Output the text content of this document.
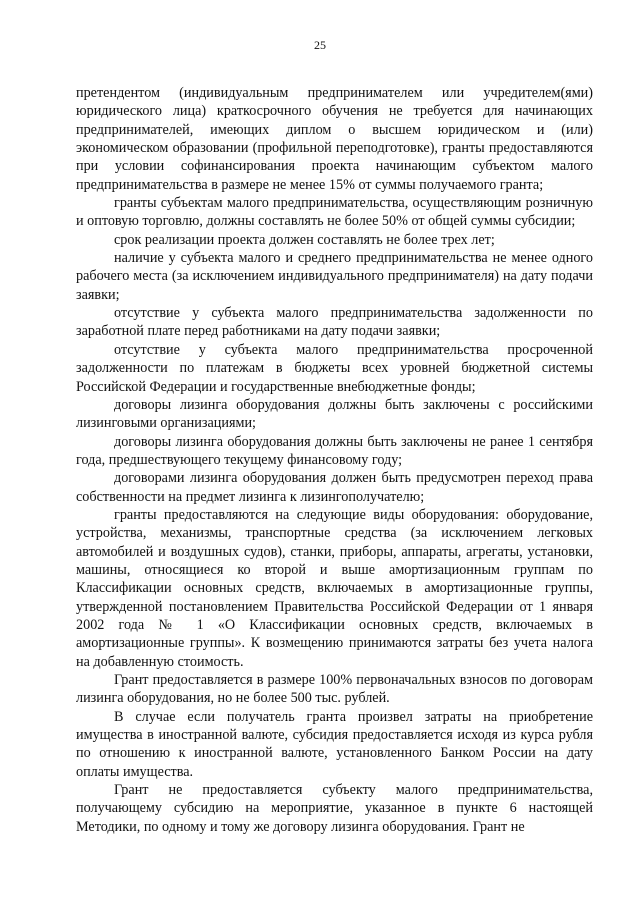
25

претендентом (индивидуальным предпринимателем или учредителем(ями) юридического лица) краткосрочного обучения не требуется для начинающих предпринимателей, имеющих диплом о высшем юридическом и (или) экономическом образовании (профильной переподготовке), гранты предоставляются при условии софинансирования проекта начинающим субъектом малого предпринимательства в размере не менее 15% от суммы получаемого гранта;

гранты субъектам малого предпринимательства, осуществляющим розничную и оптовую торговлю, должны составлять не более 50% от общей суммы субсидии;

срок реализации проекта должен составлять не более трех лет;

наличие у субъекта малого и среднего предпринимательства не менее одного рабочего места (за исключением индивидуального предпринимателя) на дату подачи заявки;

отсутствие у субъекта малого предпринимательства задолженности по заработной плате перед работниками на дату подачи заявки;

отсутствие у субъекта малого предпринимательства просроченной задолженности по платежам в бюджеты всех уровней бюджетной системы Российской Федерации и государственные внебюджетные фонды;

договоры лизинга оборудования должны быть заключены с российскими лизинговыми организациями;

договоры лизинга оборудования должны быть заключены не ранее 1 сентября года, предшествующего текущему финансовому году;

договорами лизинга оборудования должен быть предусмотрен переход права собственности на предмет лизинга к лизингополучателю;

гранты предоставляются на следующие виды оборудования: оборудование, устройства, механизмы, транспортные средства (за исключением легковых автомобилей и воздушных судов), станки, приборы, аппараты, агрегаты, установки, машины, относящиеся ко второй и выше амортизационным группам по Классификации основных средств, включаемых в амортизационные группы, утвержденной постановлением Правительства Российской Федерации от 1 января 2002 года № 1 «О Классификации основных средств, включаемых в амортизационные группы». К возмещению принимаются затраты без учета налога на добавленную стоимость.

Грант предоставляется в размере 100% первоначальных взносов по договорам лизинга оборудования, но не более 500 тыс. рублей.

В случае если получатель гранта произвел затраты на приобретение имущества в иностранной валюте, субсидия предоставляется исходя из курса рубля по отношению к иностранной валюте, установленного Банком России на дату оплаты имущества.

Грант не предоставляется субъекту малого предпринимательства, получающему субсидию на мероприятие, указанное в пункте 6 настоящей Методики, по одному и тому же договору лизинга оборудования. Грант не
